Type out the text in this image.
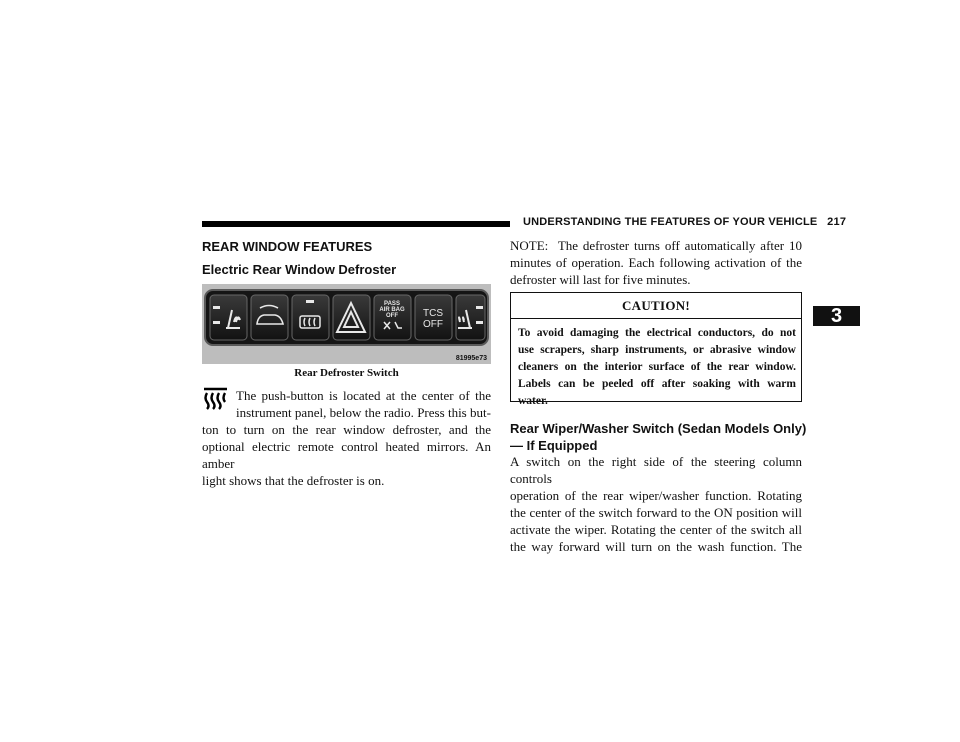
UNDERSTANDING THE FEATURES OF YOUR VEHICLE   217
3
REAR WINDOW FEATURES
Electric Rear Window Defroster
PASS
AIR BAG
OFF	TCS
OFF
81995e73
Rear Defroster Switch

The push-button is located at the center of the
instrument panel, below the radio. Press this but-
ton to turn on the rear window defroster, and the
optional electric remote control heated mirrors. An amber
light shows that the defroster is on.

NOTE: The defroster turns off automatically after 10
minutes of operation. Each following activation of the
defroster will last for five minutes.

CAUTION!

To avoid damaging the electrical conductors, do not
use scrapers, sharp instruments, or abrasive window
cleaners on the interior surface of the rear window.
Labels can be peeled off after soaking with warm
water.

Rear Wiper/Washer Switch (Sedan Models Only)
— If Equipped

A switch on the right side of the steering column controls
operation of the rear wiper/washer function. Rotating
the center of the switch forward to the ON position will
activate the wiper. Rotating the center of the switch all
the way forward will turn on the wash function. The
